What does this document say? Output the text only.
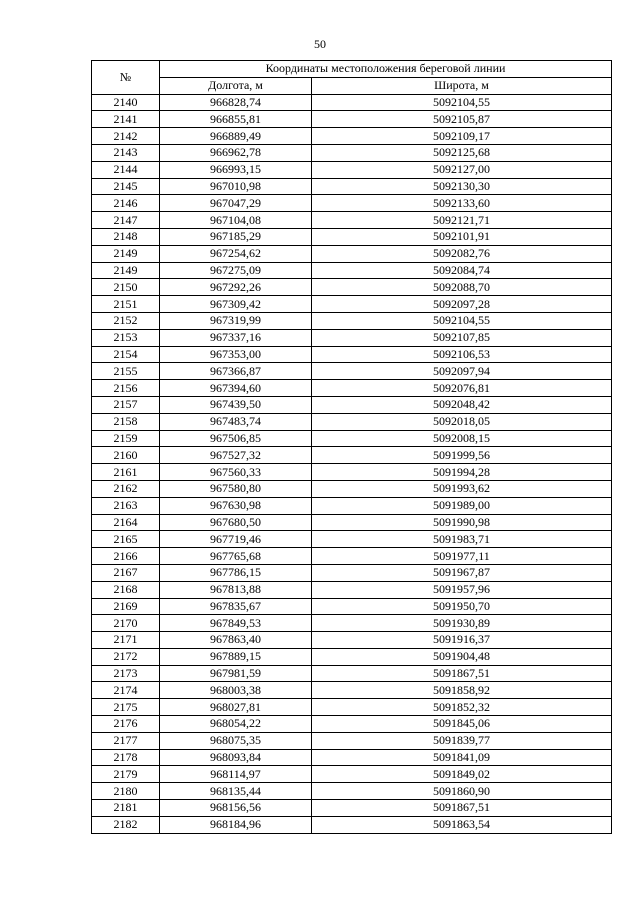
50
№	Координаты местоположения береговой линии	
	Долгота, м	Широта, м
2140	966828,74	5092104,55
2141	966855,81	5092105,87
2142	966889,49	5092109,17
2143	966962,78	5092125,68
2144	966993,15	5092127,00
2145	967010,98	5092130,30
2146	967047,29	5092133,60
2147	967104,08	5092121,71
2148	967185,29	5092101,91
2149	967254,62	5092082,76
2149	967275,09	5092084,74
2150	967292,26	5092088,70
2151	967309,42	5092097,28
2152	967319,99	5092104,55
2153	967337,16	5092107,85
2154	967353,00	5092106,53
2155	967366,87	5092097,94
2156	967394,60	5092076,81
2157	967439,50	5092048,42
2158	967483,74	5092018,05
2159	967506,85	5092008,15
2160	967527,32	5091999,56
2161	967560,33	5091994,28
2162	967580,80	5091993,62
2163	967630,98	5091989,00
2164	967680,50	5091990,98
2165	967719,46	5091983,71
2166	967765,68	5091977,11
2167	967786,15	5091967,87
2168	967813,88	5091957,96
2169	967835,67	5091950,70
2170	967849,53	5091930,89
2171	967863,40	5091916,37
2172	967889,15	5091904,48
2173	967981,59	5091867,51
2174	968003,38	5091858,92
2175	968027,81	5091852,32
2176	968054,22	5091845,06
2177	968075,35	5091839,77
2178	968093,84	5091841,09
2179	968114,97	5091849,02
2180	968135,44	5091860,90
2181	968156,56	5091867,51
2182	968184,96	5091863,54
